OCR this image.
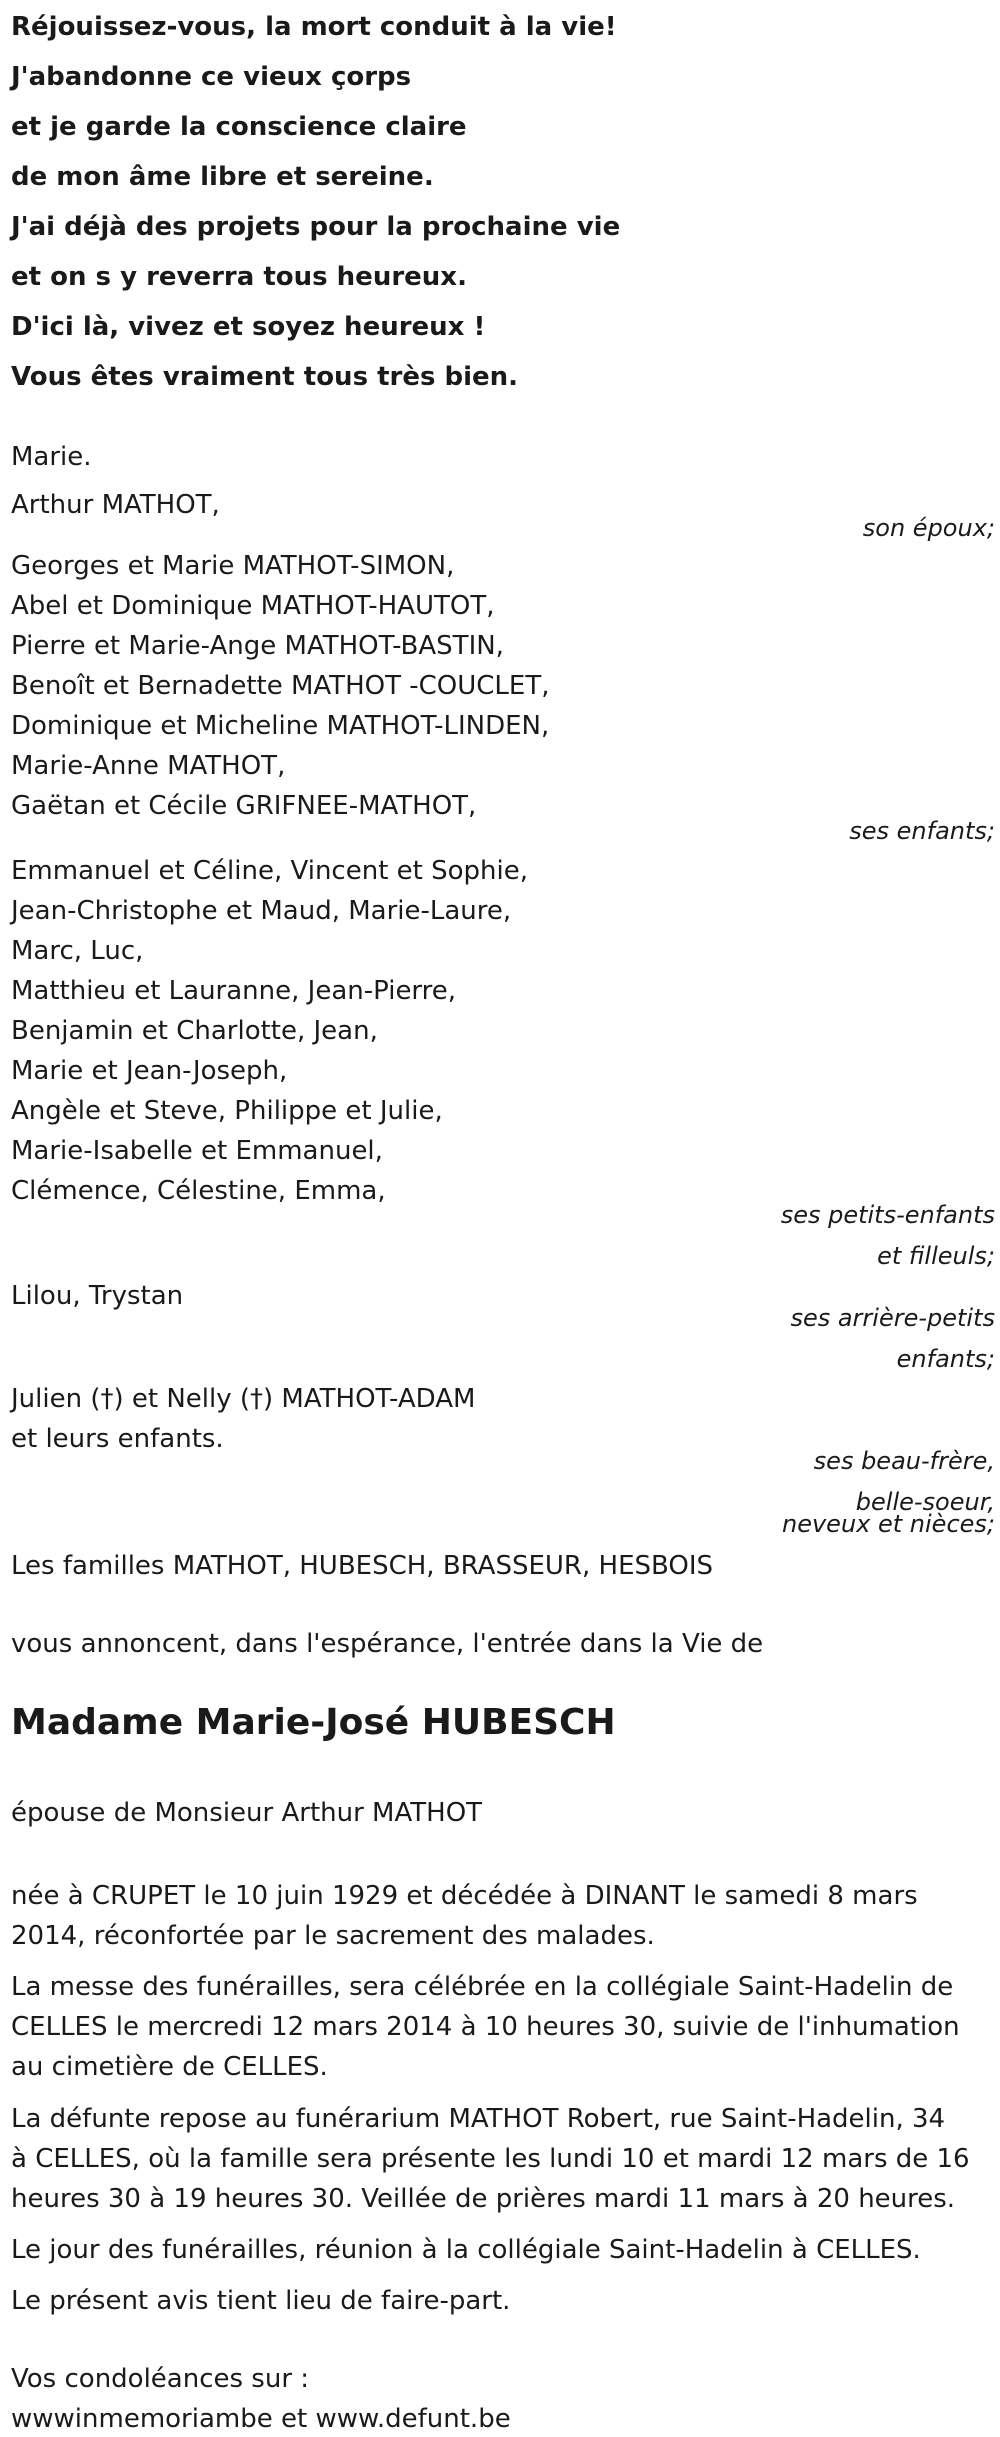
Réjouissez-vous, la mort conduit à la vie!
J'abandonne ce vieux çorps
et je garde la conscience claire
de mon âme libre et sereine.
J'ai déjà des projets pour la prochaine vie
et on s y reverra tous heureux.
D'ici là, vivez et soyez heureux !
Vous êtes vraiment tous très bien.
Marie.
Arthur MATHOT,
son époux;
Georges et Marie MATHOT-SIMON,
Abel et Dominique MATHOT-HAUTOT,
Pierre et Marie-Ange MATHOT-BASTIN,
Benoît et Bernadette MATHOT -COUCLET,
Dominique et Micheline MATHOT-LINDEN,
Marie-Anne MATHOT,
Gaëtan et Cécile GRIFNEE-MATHOT,
ses enfants;
Emmanuel et Céline, Vincent et Sophie,
Jean-Christophe et Maud, Marie-Laure,
Marc, Luc,
Matthieu et Lauranne, Jean-Pierre,
Benjamin et Charlotte, Jean,
Marie et Jean-Joseph,
Angèle et Steve, Philippe et Julie,
Marie-Isabelle et Emmanuel,
Clémence, Célestine, Emma,
ses petits-enfants
et filleuls;
Lilou, Trystan
ses arrière-petits
enfants;
Julien (†) et Nelly (†) MATHOT-ADAM
et leurs enfants.
ses beau-frère,
belle-soeur,
neveux et nièces;
Les familles MATHOT, HUBESCH, BRASSEUR, HESBOIS
vous annoncent, dans l'espérance, l'entrée dans la Vie de
Madame Marie-José HUBESCH
épouse de Monsieur Arthur MATHOT
née à CRUPET le 10 juin 1929 et décédée à DINANT le samedi 8 mars
2014, réconfortée par le sacrement des malades.
La messe des funérailles, sera célébrée en la collégiale Saint-Hadelin de
CELLES le mercredi 12 mars 2014 à 10 heures 30, suivie de l'inhumation
au cimetière de CELLES.
La défunte repose au funérarium MATHOT Robert, rue Saint-Hadelin, 34
à CELLES, où la famille sera présente les lundi 10 et mardi 12 mars de 16
heures 30 à 19 heures 30. Veillée de prières mardi 11 mars à 20 heures.
Le jour des funérailles, réunion à la collégiale Saint-Hadelin à CELLES.
Le présent avis tient lieu de faire-part.
Vos condoléances sur :
wwwinmemoriambe et www.defunt.be
